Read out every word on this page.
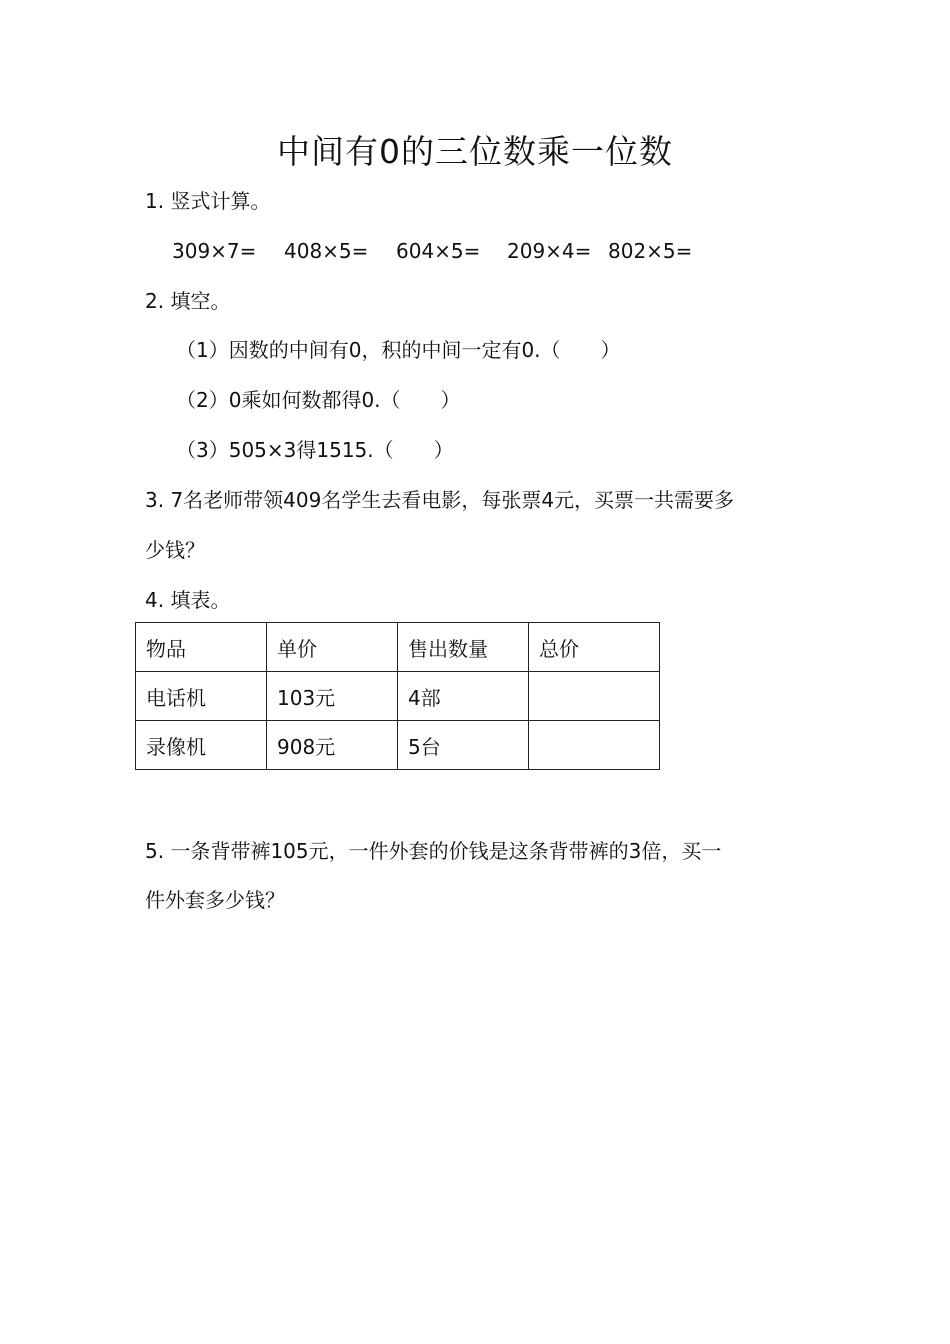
中间有0的三位数乘一位数
1. 竖式计算。
309×7= 408×5= 604×5= 209×4= 802×5=
2. 填空。
（1）因数的中间有0，积的中间一定有0.（　　）
（2）0乘如何数都得0.（　　）
（3）505×3得1515.（　　）
3. 7名老师带领409名学生去看电影，每张票4元，买票一共需要多
少钱？
4. 填表。
物品	单价	售出数量	总价
电话机	103元	4部	
录像机	908元	5台	
5. 一条背带裤105元，一件外套的价钱是这条背带裤的3倍，买一
件外套多少钱？
